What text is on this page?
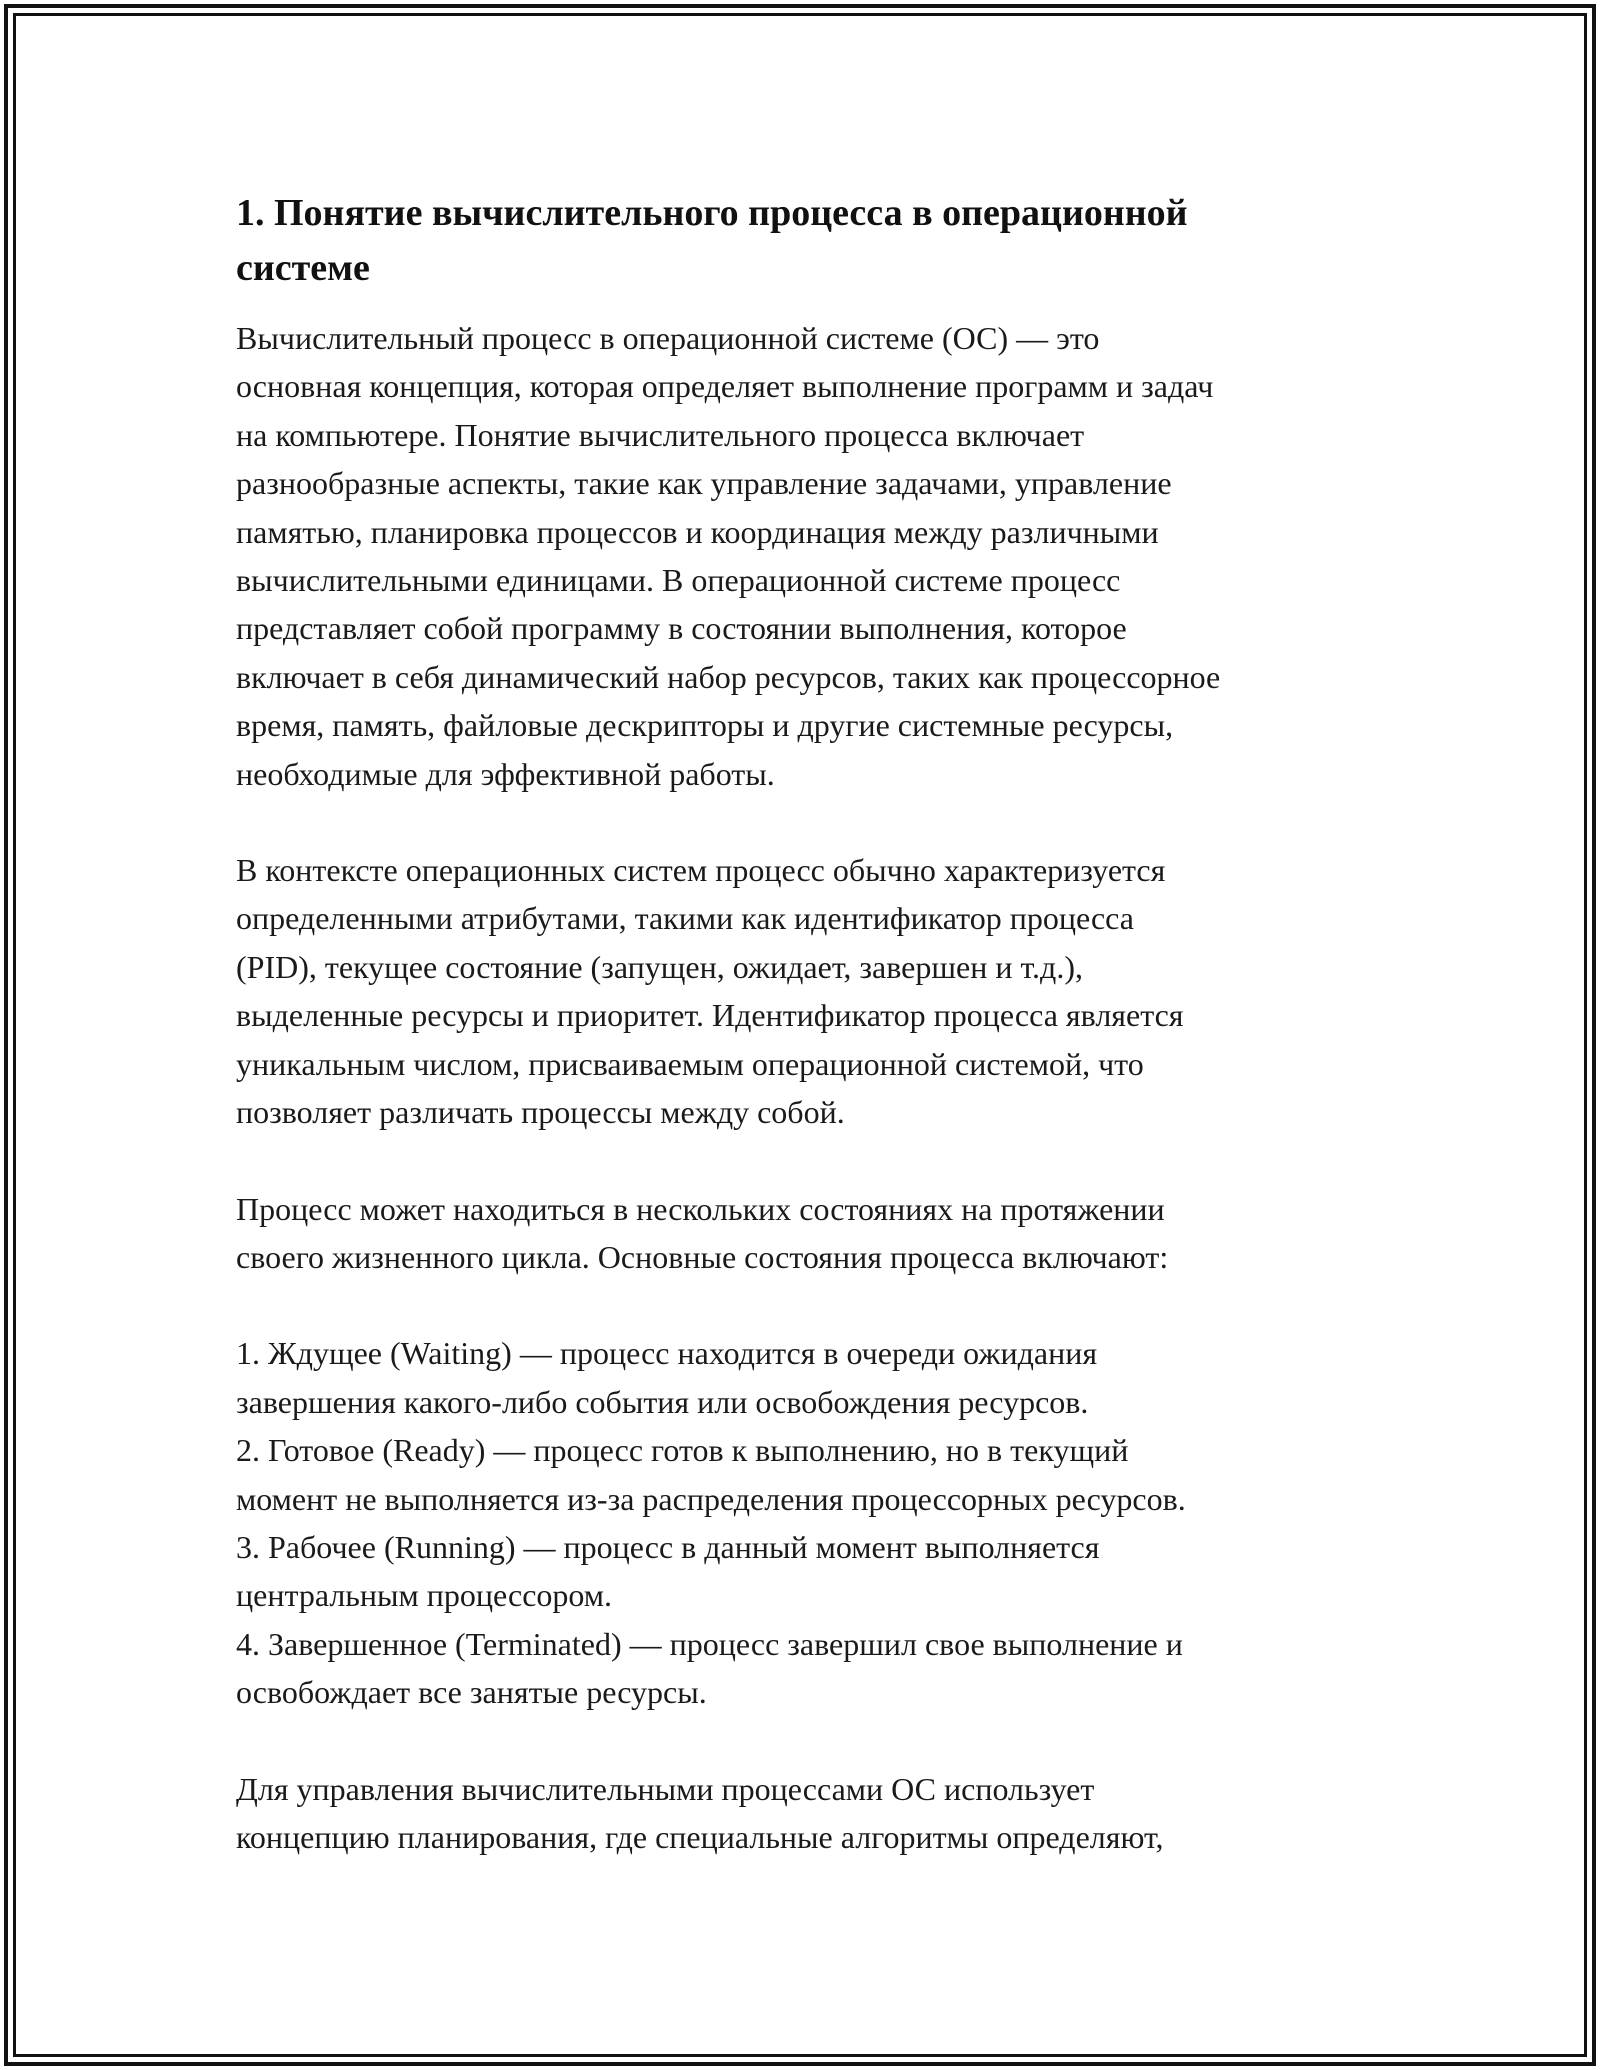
1. Понятие вычислительного процесса в операционной
системе

Вычислительный процесс в операционной системе (ОС) — это
основная концепция, которая определяет выполнение программ и задач
на компьютере. Понятие вычислительного процесса включает
разнообразные аспекты, такие как управление задачами, управление
памятью, планировка процессов и координация между различными
вычислительными единицами. В операционной системе процесс
представляет собой программу в состоянии выполнения, которое
включает в себя динамический набор ресурсов, таких как процессорное
время, память, файловые дескрипторы и другие системные ресурсы,
необходимые для эффективной работы.

В контексте операционных систем процесс обычно характеризуется
определенными атрибутами, такими как идентификатор процесса
(PID), текущее состояние (запущен, ожидает, завершен и т.д.),
выделенные ресурсы и приоритет. Идентификатор процесса является
уникальным числом, присваиваемым операционной системой, что
позволяет различать процессы между собой.

Процесс может находиться в нескольких состояниях на протяжении
своего жизненного цикла. Основные состояния процесса включают:

1. Ждущее (Waiting) — процесс находится в очереди ожидания
завершения какого-либо события или освобождения ресурсов.
2. Готовое (Ready) — процесс готов к выполнению, но в текущий
момент не выполняется из-за распределения процессорных ресурсов.
3. Рабочее (Running) — процесс в данный момент выполняется
центральным процессором.
4. Завершенное (Terminated) — процесс завершил свое выполнение и
освобождает все занятые ресурсы.

Для управления вычислительными процессами ОС использует
концепцию планирования, где специальные алгоритмы определяют,
